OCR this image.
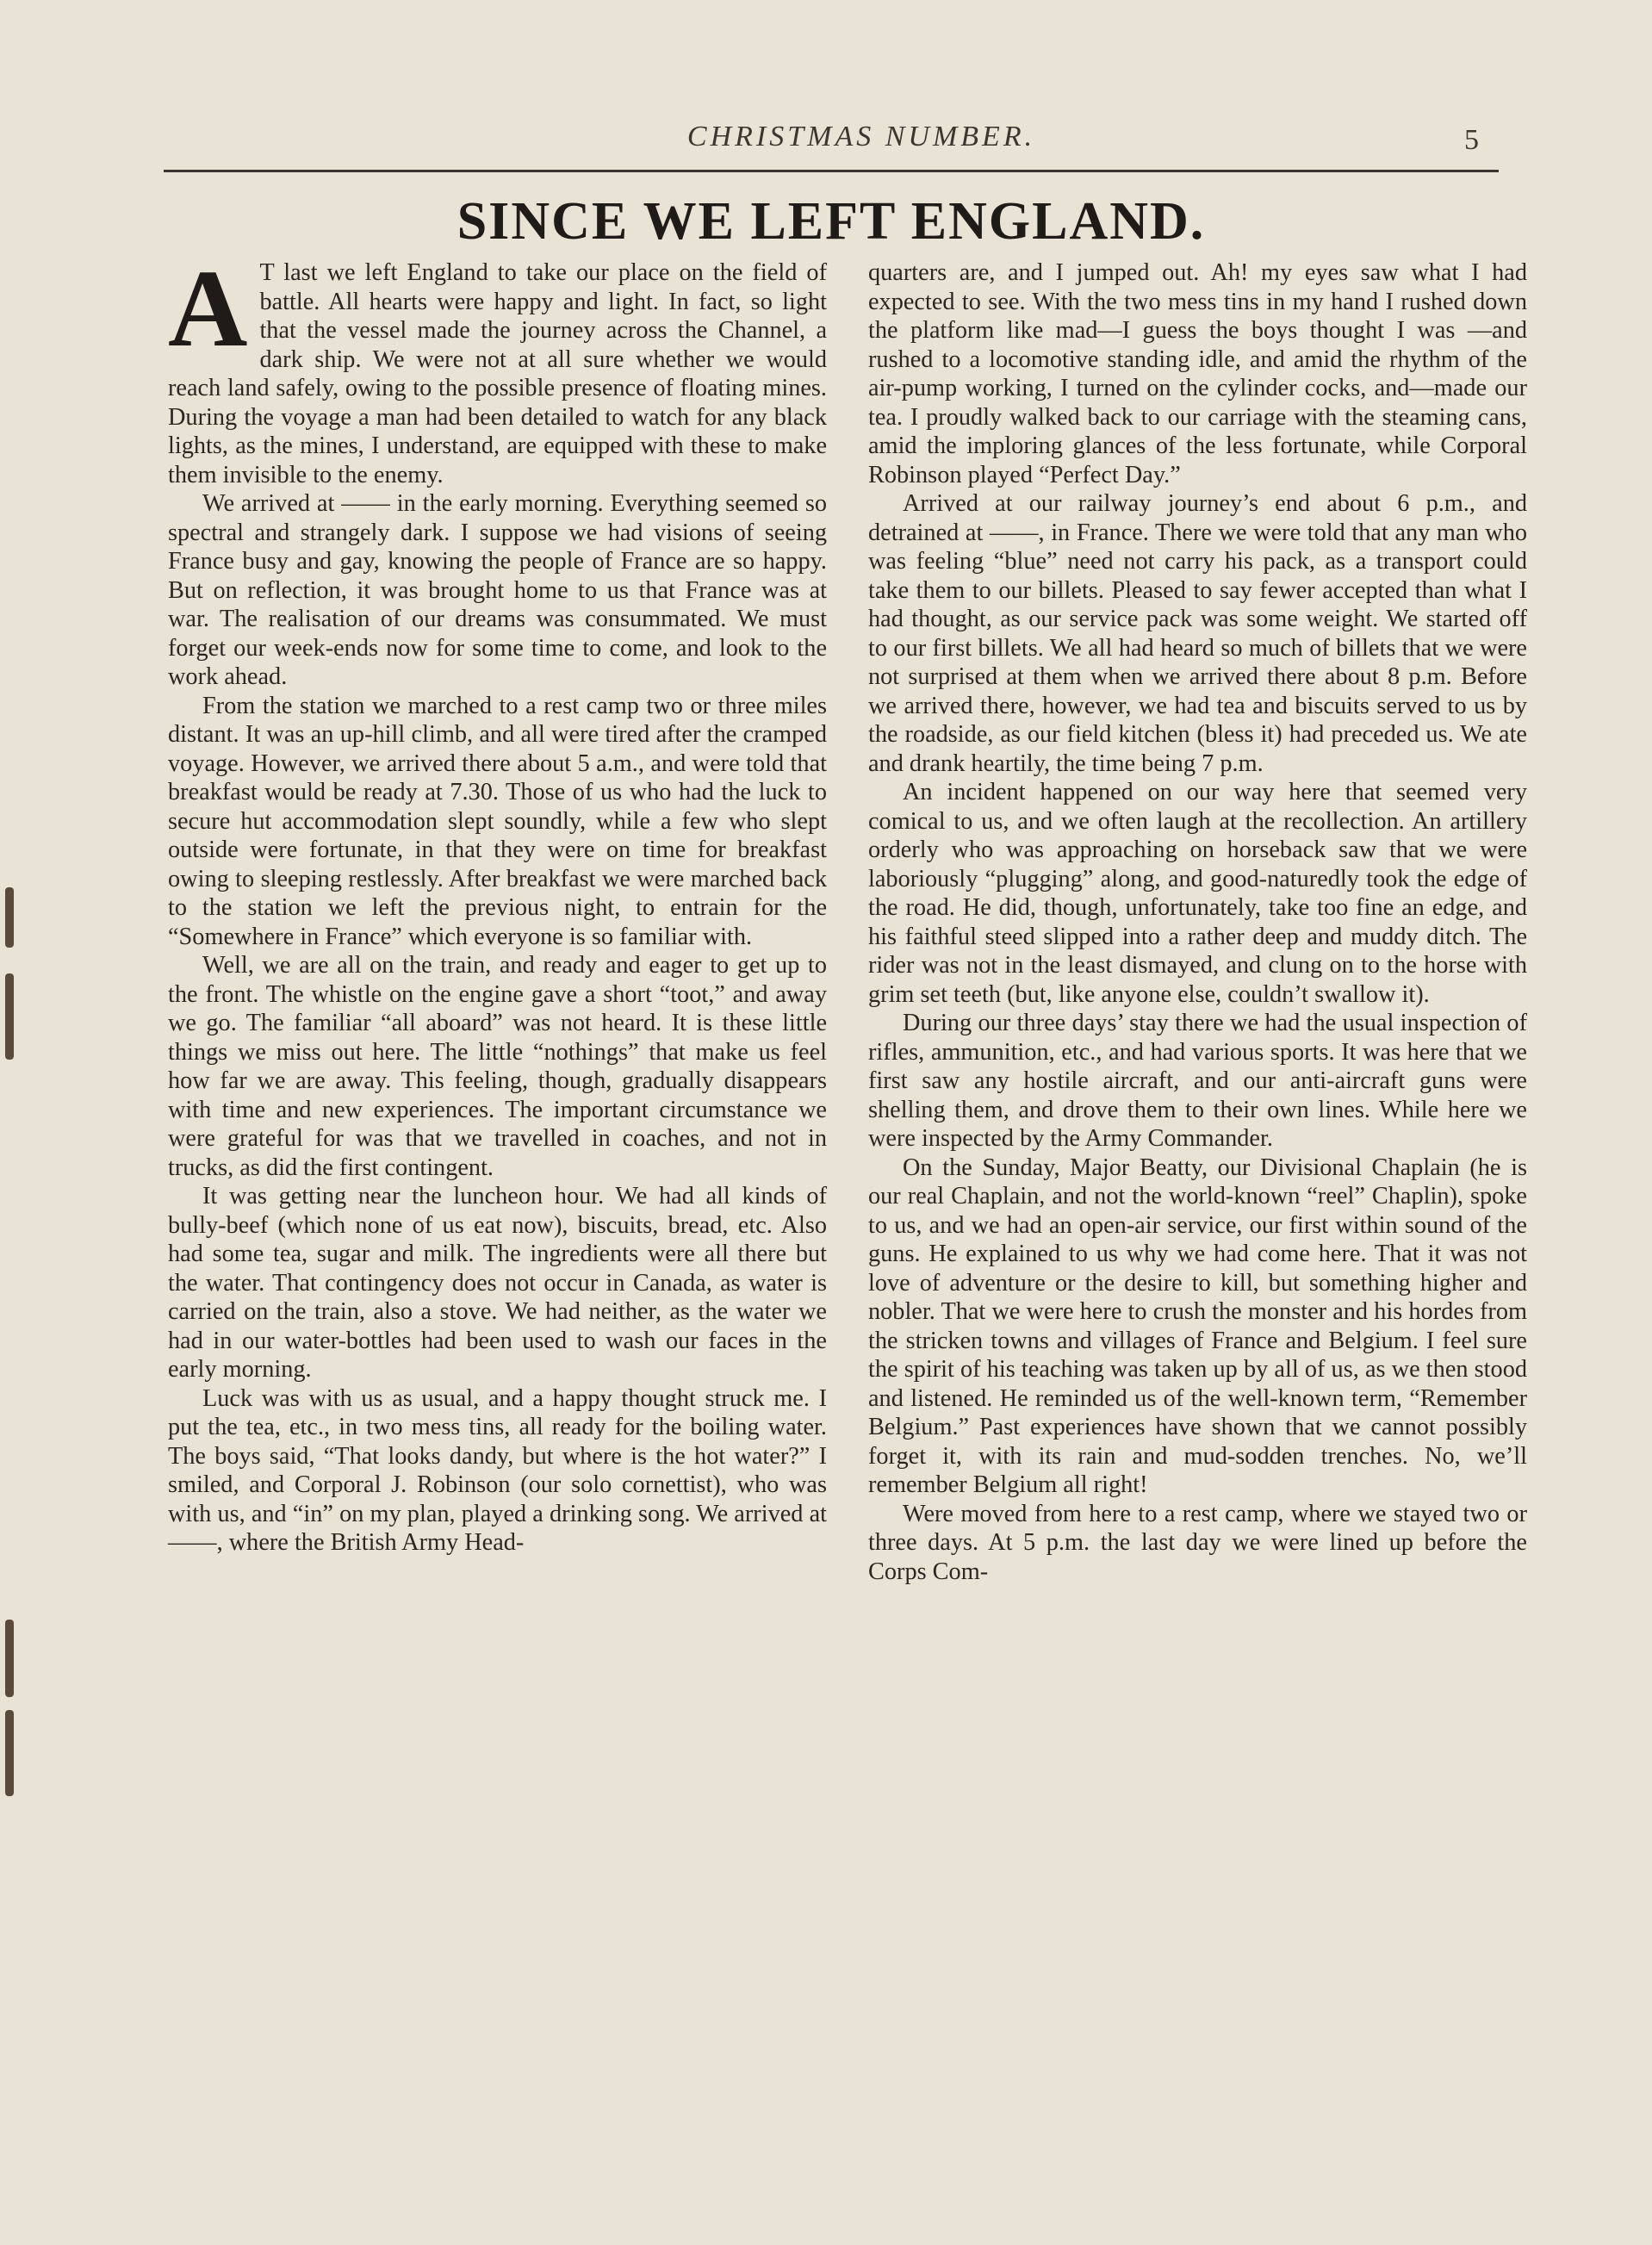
CHRISTMAS NUMBER.	5
SINCE WE LEFT ENGLAND.

A T last we left England to take our place on the field of battle. All hearts were happy and light. In fact, so light that the vessel made the journey across the Channel, a dark ship. We were not at all sure whether we would reach land safely, owing to the possible presence of floating mines. During the voyage a man had been detailed to watch for any black lights, as the mines, I understand, are equipped with these to make them invisible to the enemy.

We arrived at —— in the early morning. Everything seemed so spectral and strangely dark. I suppose we had visions of seeing France busy and gay, knowing the people of France are so happy. But on reflection, it was brought home to us that France was at war. The realisation of our dreams was consummated. We must forget our week-ends now for some time to come, and look to the work ahead.

From the station we marched to a rest camp two or three miles distant. It was an up-hill climb, and all were tired after the cramped voyage. However, we arrived there about 5 a.m., and were told that breakfast would be ready at 7.30. Those of us who had the luck to secure hut accommodation slept soundly, while a few who slept outside were fortunate, in that they were on time for breakfast owing to sleeping restlessly. After breakfast we were marched back to the station we left the previous night, to entrain for the “Somewhere in France” which everyone is so familiar with.

Well, we are all on the train, and ready and eager to get up to the front. The whistle on the engine gave a short “toot,” and away we go. The familiar “all aboard” was not heard. It is these little things we miss out here. The little “nothings” that make us feel how far we are away. This feeling, though, gradually disappears with time and new experiences. The important circumstance we were grateful for was that we travelled in coaches, and not in trucks, as did the first contingent.

It was getting near the luncheon hour. We had all kinds of bully-beef (which none of us eat now), biscuits, bread, etc. Also had some tea, sugar and milk. The ingredients were all there but the water. That contingency does not occur in Canada, as water is carried on the train, also a stove. We had neither, as the water we had in our water-bottles had been used to wash our faces in the early morning.

Luck was with us as usual, and a happy thought struck me. I put the tea, etc., in two mess tins, all ready for the boiling water. The boys said, “That looks dandy, but where is the hot water?” I smiled, and Corporal J. Robinson (our solo cornettist), who was with us, and “in” on my plan, played a drinking song. We arrived at ——, where the British Army Head-

quarters are, and I jumped out. Ah! my eyes saw what I had expected to see. With the two mess tins in my hand I rushed down the platform like mad—I guess the boys thought I was —and rushed to a locomotive standing idle, and amid the rhythm of the air-pump working, I turned on the cylinder cocks, and—made our tea. I proudly walked back to our carriage with the steaming cans, amid the imploring glances of the less fortunate, while Corporal Robinson played “Perfect Day.”

Arrived at our railway journey’s end about 6 p.m., and detrained at ——, in France. There we were told that any man who was feeling “blue” need not carry his pack, as a transport could take them to our billets. Pleased to say fewer accepted than what I had thought, as our service pack was some weight. We started off to our first billets. We all had heard so much of billets that we were not surprised at them when we arrived there about 8 p.m. Before we arrived there, however, we had tea and biscuits served to us by the roadside, as our field kitchen (bless it) had preceded us. We ate and drank heartily, the time being 7 p.m.

An incident happened on our way here that seemed very comical to us, and we often laugh at the recollection. An artillery orderly who was approaching on horseback saw that we were laboriously “plugging” along, and good-naturedly took the edge of the road. He did, though, unfortunately, take too fine an edge, and his faithful steed slipped into a rather deep and muddy ditch. The rider was not in the least dismayed, and clung on to the horse with grim set teeth (but, like anyone else, couldn’t swallow it).

During our three days’ stay there we had the usual inspection of rifles, ammunition, etc., and had various sports. It was here that we first saw any hostile aircraft, and our anti-aircraft guns were shelling them, and drove them to their own lines. While here we were inspected by the Army Commander.

On the Sunday, Major Beatty, our Divisional Chaplain (he is our real Chaplain, and not the world-known “reel” Chaplin), spoke to us, and we had an open-air service, our first within sound of the guns. He explained to us why we had come here. That it was not love of adventure or the desire to kill, but something higher and nobler. That we were here to crush the monster and his hordes from the stricken towns and villages of France and Belgium. I feel sure the spirit of his teaching was taken up by all of us, as we then stood and listened. He reminded us of the well-known term, “Remember Belgium.” Past experiences have shown that we cannot possibly forget it, with its rain and mud-sodden trenches. No, we’ll remember Belgium all right!

Were moved from here to a rest camp, where we stayed two or three days. At 5 p.m. the last day we were lined up before the Corps Com-
